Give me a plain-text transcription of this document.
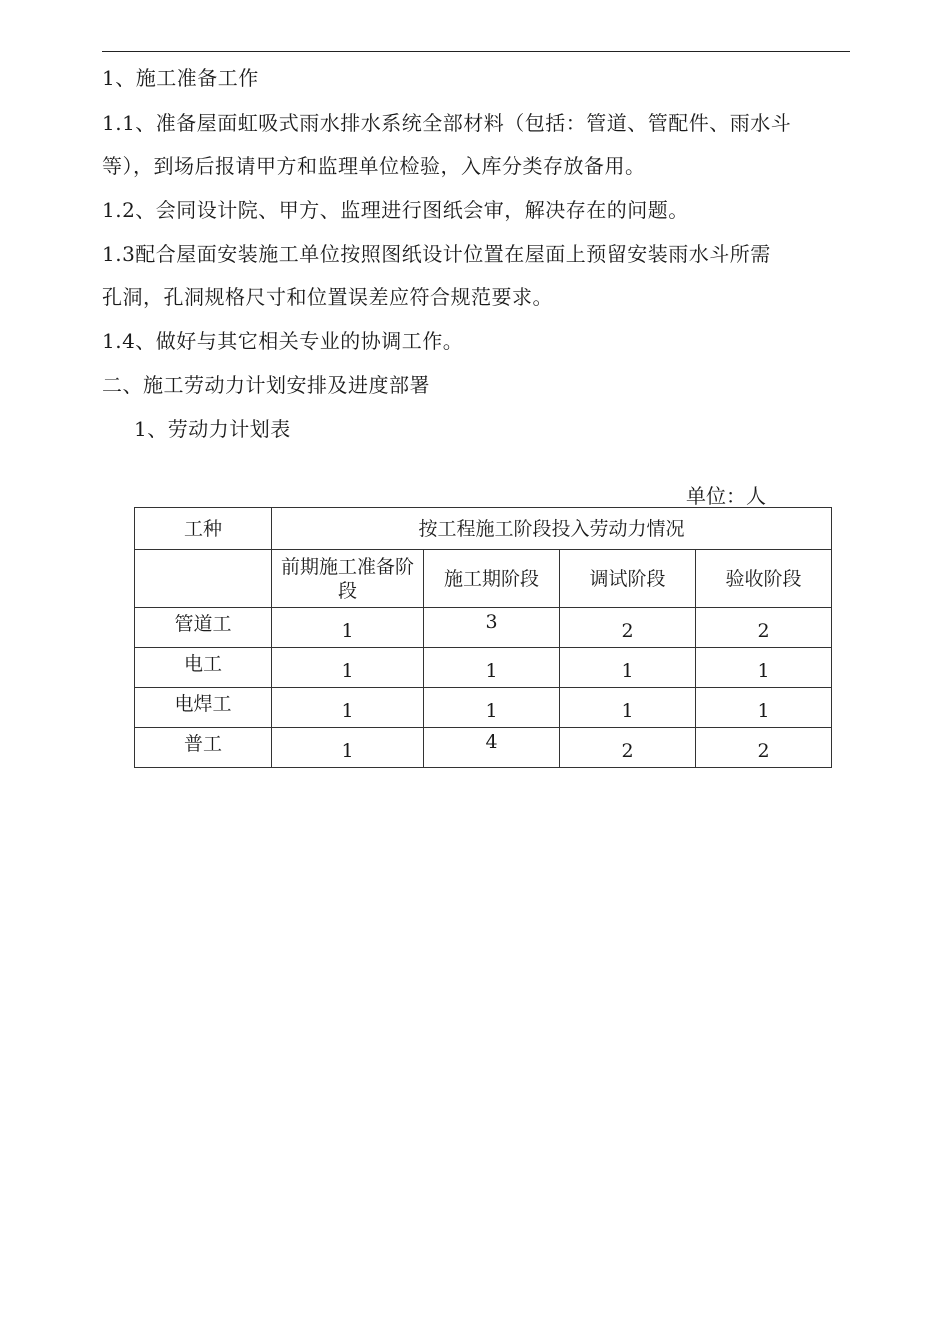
1、施工准备工作
1.1、准备屋面虹吸式雨水排水系统全部材料（包括：管道、管配件、雨水斗
等），到场后报请甲方和监理单位检验，入库分类存放备用。
1.2、会同设计院、甲方、监理进行图纸会审，解决存在的问题。
1.3配合屋面安装施工单位按照图纸设计位置在屋面上预留安装雨水斗所需
孔洞，孔洞规格尺寸和位置误差应符合规范要求。
1.4、做好与其它相关专业的协调工作。
二、施工劳动力计划安排及进度部署
1、劳动力计划表
单位：人
工种	按工程施工阶段投入劳动力情况			
	前期施工准备阶段	施工期阶段	调试阶段	验收阶段
管道工	1	3	2	2
电工	1	1	1	1
电焊工	1	1	1	1
普工	1	4	2	2
